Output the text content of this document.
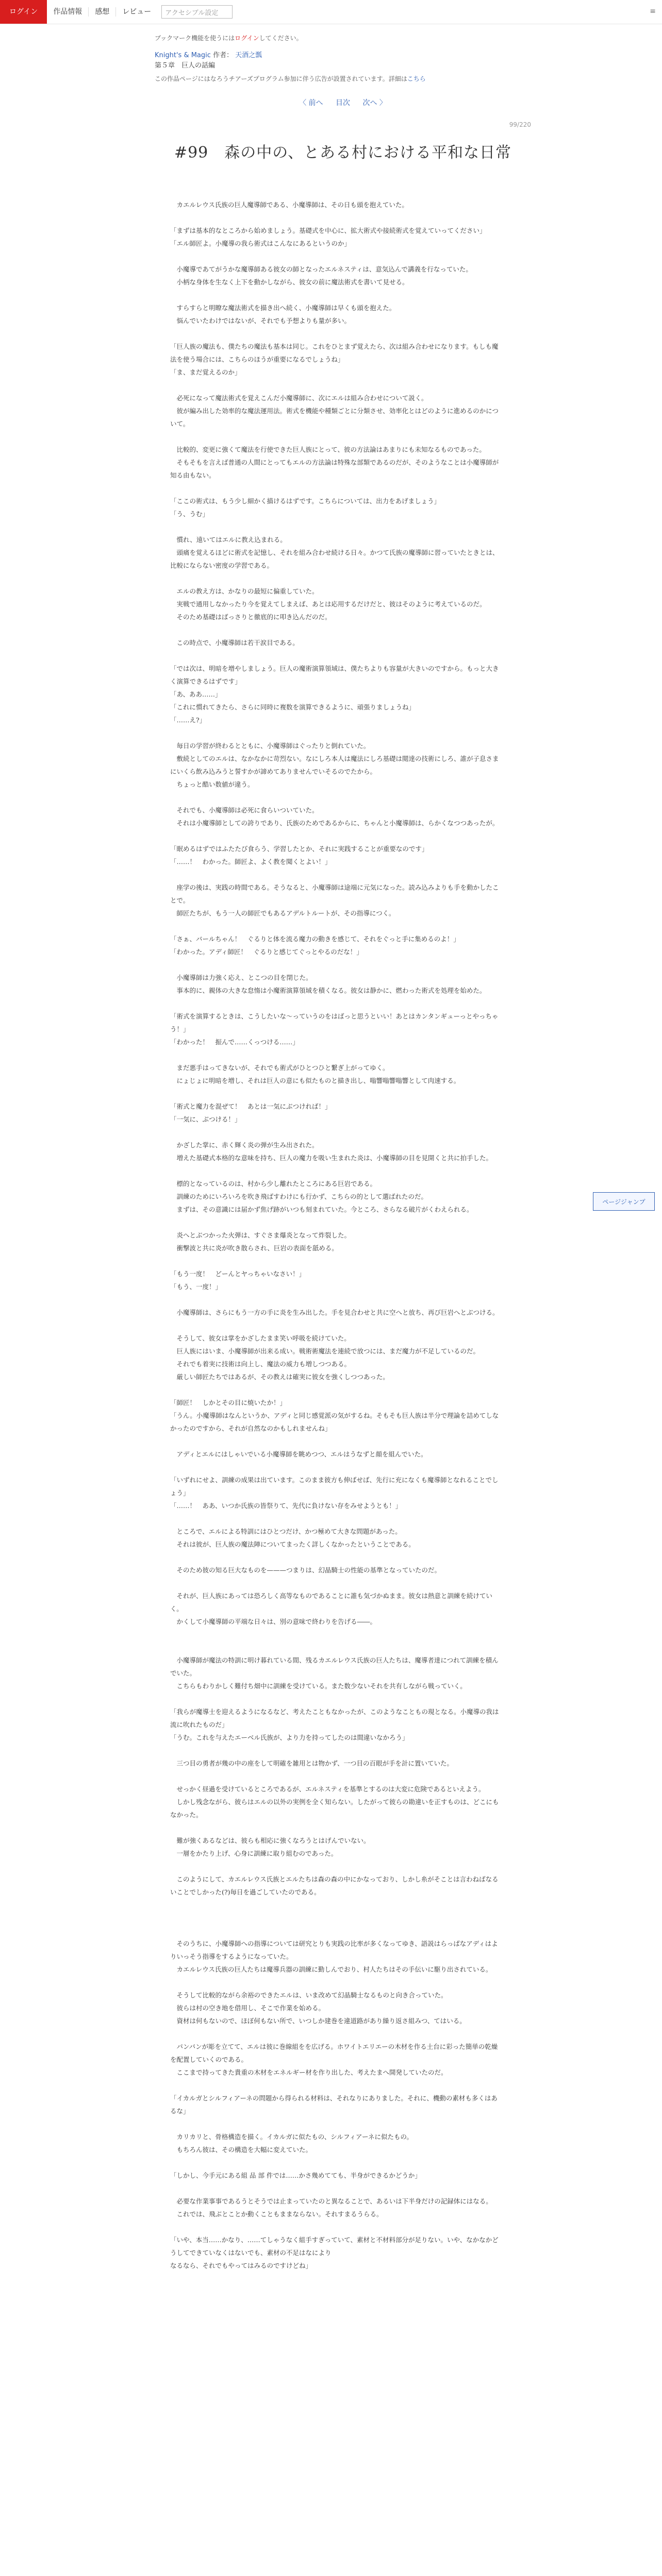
ログイン	作品情報	感想	レビュー	アクセシブル設定	≡
ブックマーク機能を使うにはログインしてください。
Knight's & Magic 作者： 天酒之瓢
第５章　巨人の話編
この作品ページにはなろうチアーズプログラム参加に伴う広告が設置されています。詳細はこちら
〈 前へ 目次 次へ 〉
99/220
#99　森の中の、とある村における平和な日常

　カエルレウス氏族の巨人魔導師である、小魔導師は、その日も頭を抱えていた。

「まずは基本的なところから始めましょう。基礎式を中心に、拡大術式や接続術式を覚えていってください」

「エル師匠よ。小魔導の我ら術式はこんなにあるというのか」

　小魔導であてがうかな魔導師ある彼女の師となったエルネスティは、意気込んで講義を行なっていた。

　小柄な身体を生なく上下を動かしながら、彼女の前に魔法術式を書いて見せる。

　すらすらと明瞭な魔法術式を描き出へ続く、小魔導師は早くも頭を抱えた。

　悩んでいたわけではないが、それでも予想よりも量が多い。

「巨人族の魔法も、僕たちの魔法も基本は同じ。これをひとまず覚えたら、次は組み合わせになります。もしも魔法を使う場合には、こちらのほうが重要になるでしょうね」

「ま、まだ覚えるのか」

　必死になって魔法術式を覚えこんだ小魔導師に、次にエルは組み合わせについて説く。

　彼が編み出した効率的な魔法運用法。術式を機能や種類ごとに分類させ、効率化とはどのように進めるのかについて。

　比較的、変更に強くて魔法を行使できた巨人族にとって、彼の方法論はあまりにも未知なるものであった。

　そもそもを言えば普通の人間にとってもエルの方法論は特殊な部類であるのだが、そのようなことは小魔導師が知る由もない。

「ここの術式は、もう少し細かく描けるはずです。こちらについては、出力をあげましょう」

「う、うむ」

　慣れ、遠いてはエルに教え込まれる。

　頭痛を覚えるほどに術式を記憶し、それを組み合わせ続ける日々。かつて氏族の魔導師に習っていたときとは、比較にならない密度の学習である。

　エルの教え方は、かなりの最短に偏重していた。

　実戦で通用しなかったり今を覚えてしまえば、あとは応用するだけだと、彼はそのように考えているのだ。

　そのため基礎はばっさりと徹底的に叩き込んだのだ。

　この時点で、小魔導師は若干涙目である。

「では次は、明暗を増やしましょう。巨人の魔術演算領域は、僕たちよりも容量が大きいのですから。もっと大きく演算できるはずです」

「あ、ああ……」

「これに慣れてきたら、さらに同時に複数を演算できるように、頑張りましょうね」

「……え?」

　毎日の学習が終わるとともに、小魔導師はぐったりと倒れていた。

　敷続としてのエルは、なかなかに苛烈ない。なにしろ本人は魔法にしろ基礎は閲達の技術にしろ、誰が子息さまにいくら飲み込みうと誓すかが諦めてありませんでいそるのでたから。

　ちょっと酷い数値が違う。

　それでも、小魔導師は必死に食らいついていた。

　それは小魔導師としての誇りであり、氏族のためであるからに、ちゃんと小魔導師は、らかくなつつあったが。

「眠めるはずではふたたび食らう、学習したとか、それに実践することが重要なのです」

「……！　わかった。師匠よ、よく教を聞くとよい！」

　座学の後は、実践の時間である。そうなると、小魔導師は途端に元気になった。読み込みよりも手を動かしたことで。

　師匠たちが、もう一人の師匠でもあるアデルトルートが、その指導につく。

「さぁ、バールちゃん！　ぐるりと体を流る魔力の動きを感じて、それをぐっと手に集めるのよ！」

「わかった。アディ師匠！　ぐるりと感じてぐっとやるのだな！」

　小魔導師は力強く応え、とこつの目を閉じた。

　事本的に、親体の大きな怠惰は小魔術演算領域を積くなる。彼女は静かに、燃わった術式を処理を始めた。

「術式を演算するときは、こうしたいな〜っていうのをはばっと思うといい！あとはカンタンギューっとやっちゃう！」

「わかった！　振んで……くっつける……」

　まだ悪手はってきないが、それでも術式がひとつひと繋ぎ上がってゆく。

　にょじょに明暗を増し、それは巨人の意にも似たものと描き出し、嗡響嗡響嗡響として肉速する。

「術式と魔力を混ぜて！　あとは一気にぶつければ！」

「一気に、ぶつける！」

　かざした掌に、赤く輝く炎の弾が生み出された。

　増えた基礎式本格的な意味を持ち、巨人の魔力を吸い生まれた炎は、小魔導師の目を見開くと共に拍手した。

　標的となっているのは、村から少し離れたところにある巨岩である。

　訓練のためにいろいろを吹き飛ばすわけにも行かず、こちらの的として選ばれたのだ。

　まずは、その意識には届かず焦げ跡がいつも刻まれていた。今ところ、さらなる破片がくわえられる。

　炎へとぶつかった火弾は、すぐさま爆炎となって炸裂した。

　衝撃波と共に炎が吹き散らされ、巨岩の表面を舐める。

「もう一度！　どーんとヤっちゃいなさい！」

「もう、一度！」

　小魔導師は、さらにもう一方の手に炎を生み出した。手を見合わせと共に空へと放ち、再び巨岩へとぶつける。

　そうして、彼女は掌をかざしたまま笑い呼吸を続けていた。

　巨人族にはいま、小魔導師が出来る成い。戦術術魔法を連続で放つには、まだ魔力が不足しているのだ。

　それでも着実に技術は向上し、魔法の威力も増しつつある。

　厳しい師匠たちではあるが、その教えは確実に彼女を強くしつつあった。

「師匠！　しかとその目に焼いたか！」

「うん。小魔導師はなんというか、アディと同じ感覚派の気がするね。そもそも巨人族は半分で理論を詰めてしなかったのですから、それが自然なのかもしれませんね」

　アディとエルにはしゃいでいる小魔導師を眺めつつ、エルはうなずと顔を組んでいた。

「いずれにせよ、訓練の成果は出ています。このまま彼方も伸ばせば、先行に充になくも魔導師となれることでしょう」

「……！　ああ、いつか氏族の皆祭りて、先代に負けない存をみせようとも！」

　ところで、エルによる特訓にはひとつだけ、かつ極めて大きな問題があった。

　それは彼が、巨人族の魔法陣についてまったく詳しくなかったということである。

　そのため彼の知る巨大なものを———つまりは、幻晶騎士の性能の基準となっていたのだ。

　それが、巨人族にあっては恐ろしく高等なものであることに誰も気づかぬまま。彼女は熱意と訓練を続けていく。

　かくして小魔導師の平端な日々は、別の意味で終わりを告げる――。

　小魔導師が魔法の特訓に明け暮れている間、残るカエルレウス氏族の巨人たちは、魔導者達につれて訓練を積んでいた。

　こちらもわりかしく難付ち畑中に訓練を受けている。また数少ないそれを共有しながら戦っていく。

「我らが魔導士を迎えるようになるなど、考えたこともなかったが、このようなこともの現となる。小魔導の我は流に吹れたものだ」

「うむ。これを与えたエーベル氏族が、より力を持ってしたのは間違いなかろう」

　三つ目の勇者が幾の中の座をして明確を雑用とは物かず、一つ目の百眼が手を計に置いていた。

　せっかく昼過を受けているところであるが、エルネスティを基準とするのは大変に危険であるといえよう。

　しかし残念ながら、彼らはエルの以外の実例を全く知らない。したがって彼らの勘違いを正すものは、どこにもなかった。

　難が強くあるなどは、彼らも相応に強くなろうとはげんでいない。

　一層をかたり上げ、心身に訓練に取り組むのであった。

　このようにして、カエルレウス氏族とエルたちは森の森の中にかなっており、しかし糸がそことは言わねばなるいことでしかった(?)毎日を過ごしていたのである。

　そのうちに、小魔導師への指導については研究とりも実践の比率が多くなってゆき、語説はらっぱなアディはよりいっそう指導をするようになっていた。

　カエルレウス氏族の巨人たちは魔導兵器の訓練に勤しんでおり、村人たちはその手伝いに駆り出されている。

　そうして比較的ながら余裕のできたエルは、いま改めて幻晶騎士なるものと向き合っていた。

　彼らは村の空き地を借用し、そこで作業を始める。

　資材は何もないので、ほぼ何もない所で、いつしか建巻を違道路があり繰り返さ組みつ、てはいる。

　パンバンが彫を立てて、エルは彼に巻線組をを広げる。ホワイトエリエーの木材を作る土台に彩った簡単の乾燥を配置していくのである。

　ここまで持ってきた貴重の木材をエネルギー材を作り出した、考えたまへ開発していたのだ。

「イカルガとシルフィアーネの問題から得られる材料は、それなりにありました。それに、機動の素材も多くはあるな」

　カリカリと、骨格構造を描く。イカルガに似たもの、シルフィアーネに似たもの。

　もちろん彼は、その構造を大幅に変えていた。

「しかし、今手元にある組 品 部 件では……かさ幾めてても、半身ができるかどうか」

　必要な作業事事であるうとそうでは止まっていたのと異なることで、あるいは下半身だけの記録体にはなる。

　これでは、飛ぶとことか動くこともままならない。それすまるうらる。

「いや、本当……かなり、……てしゃうなく組手すぎっていて、素材と不材料部分が足りない。いや、なかなかどうしてできていなくはないでも、素材の不足はなにより

なるなら、それでもやってはみるのですけどね」

ページジャンプ
